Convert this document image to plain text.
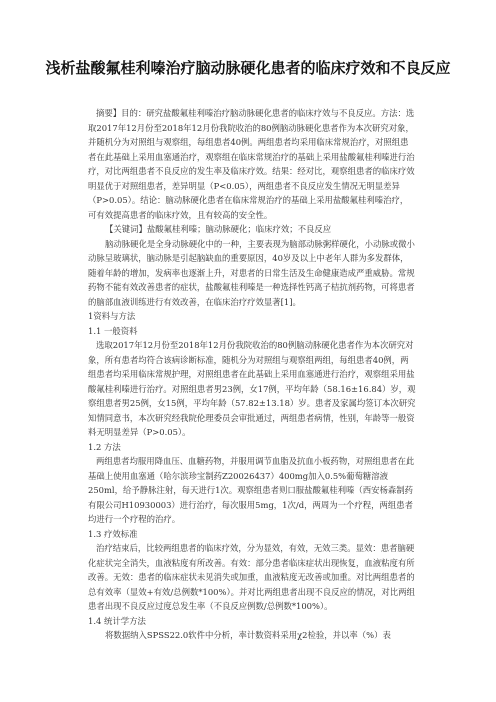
浅析盐酸氟桂利嗪治疗脑动脉硬化患者的临床疗效和不良反应

摘要】目的：研究盐酸氟桂利嗪治疗脑动脉硬化患者的临床疗效与不良反应。方法：选取2017年12月份至2018年12月份我院收治的80例脑动脉硬化患者作为本次研究对象，并随机分为对照组与观察组，每组患者40例。两组患者均采用临床常规治疗，对照组患者在此基础上采用血塞通治疗，观察组在临床常规治疗的基础上采用盐酸氟桂利嗪进行治疗，对比两组患者不良反应的发生率及临床疗效。结果：经对比，观察组患者的临床疗效明显优于对照组患者，差异明显（P<0.05），两组患者不良反应发生情况无明显差异（P>0.05）。结论：脑动脉硬化患者在临床常规治疗的基础上采用盐酸氟桂利嗪治疗，可有效提高患者的临床疗效，且有较高的安全性。

【关键词】盐酸氟桂利嗪；脑动脉硬化；临床疗效；不良反应

脑动脉硬化是全身动脉硬化中的一种，主要表现为脑部动脉粥样硬化，小动脉或微小动脉呈玻璃状，脑动脉是引起脑缺血的重要原因，40岁及以上中老年人群为多发群体，随着年龄的增加，发病率也逐渐上升，对患者的日常生活及生命健康造成严重威胁。常规药物不能有效改善患者的症状，盐酸氟桂利嗪是一种选择性钙离子桔抗剂药物，可将患者的脑部血液训练进行有效改善，在临床治疗疗效显著[1]。

1资料与方法

1.1 一般资料

选取2017年12月份至2018年12月份我院收治的80例脑动脉硬化患者作为本次研究对象，所有患者均符合该病诊断标准，随机分为对照组与观察组两组，每组患者40例，两组患者均采用临床常规护理，对照组患者在此基础上采用血塞通进行治疗，观察组采用盐酸氟桂利嗪进行治疗。对照组患者男23例，女17例，平均年龄（58.16±16.84）岁，观察组患者男25例，女15例，平均年龄（57.82±13.18）岁。患者及家属均签订本次研究知情同意书，本次研究经我院伦理委员会审批通过，两组患者病情，性别，年龄等一般资料无明显差异（P>0.05）。

1.2 方法

两组患者均服用降血压、血糖药物，并服用调节血脂及抗血小板药物，对照组患者在此基础上使用血塞通（哈尔滨珍宝制药Z20026437）400mg加入0.5%葡萄糖溶液250ml，给予静脉注射，每天进行1次。观察组患者则口服盐酸氟桂利嗪（西安杨森制药有限公司H10930003）进行治疗，每次服用5mg，1次/d，两周为一个疗程，两组患者均进行一个疗程的治疗。

1.3 疗效标准

治疗结束后，比较两组患者的临床疗效，分为显效，有效，无效三类。显效：患者脑硬化症状完全消失，血液粘度有所改善。有效：部分患者临床症状出现恢复，血液粘度有所改善。无效：患者的临床症状未见消失或加重，血液粘度无改善或加重。对比两组患者的总有效率（显效+有效/总例数*100%）。并对比两组患者出现不良反应的情况，对比两组患者出现不良反应过度总发生率（不良反应例数/总例数*100%）。

1.4 统计学方法

将数据纳入SPSS22.0软件中分析，率计数资料采用χ2检验，并以率（%）表
